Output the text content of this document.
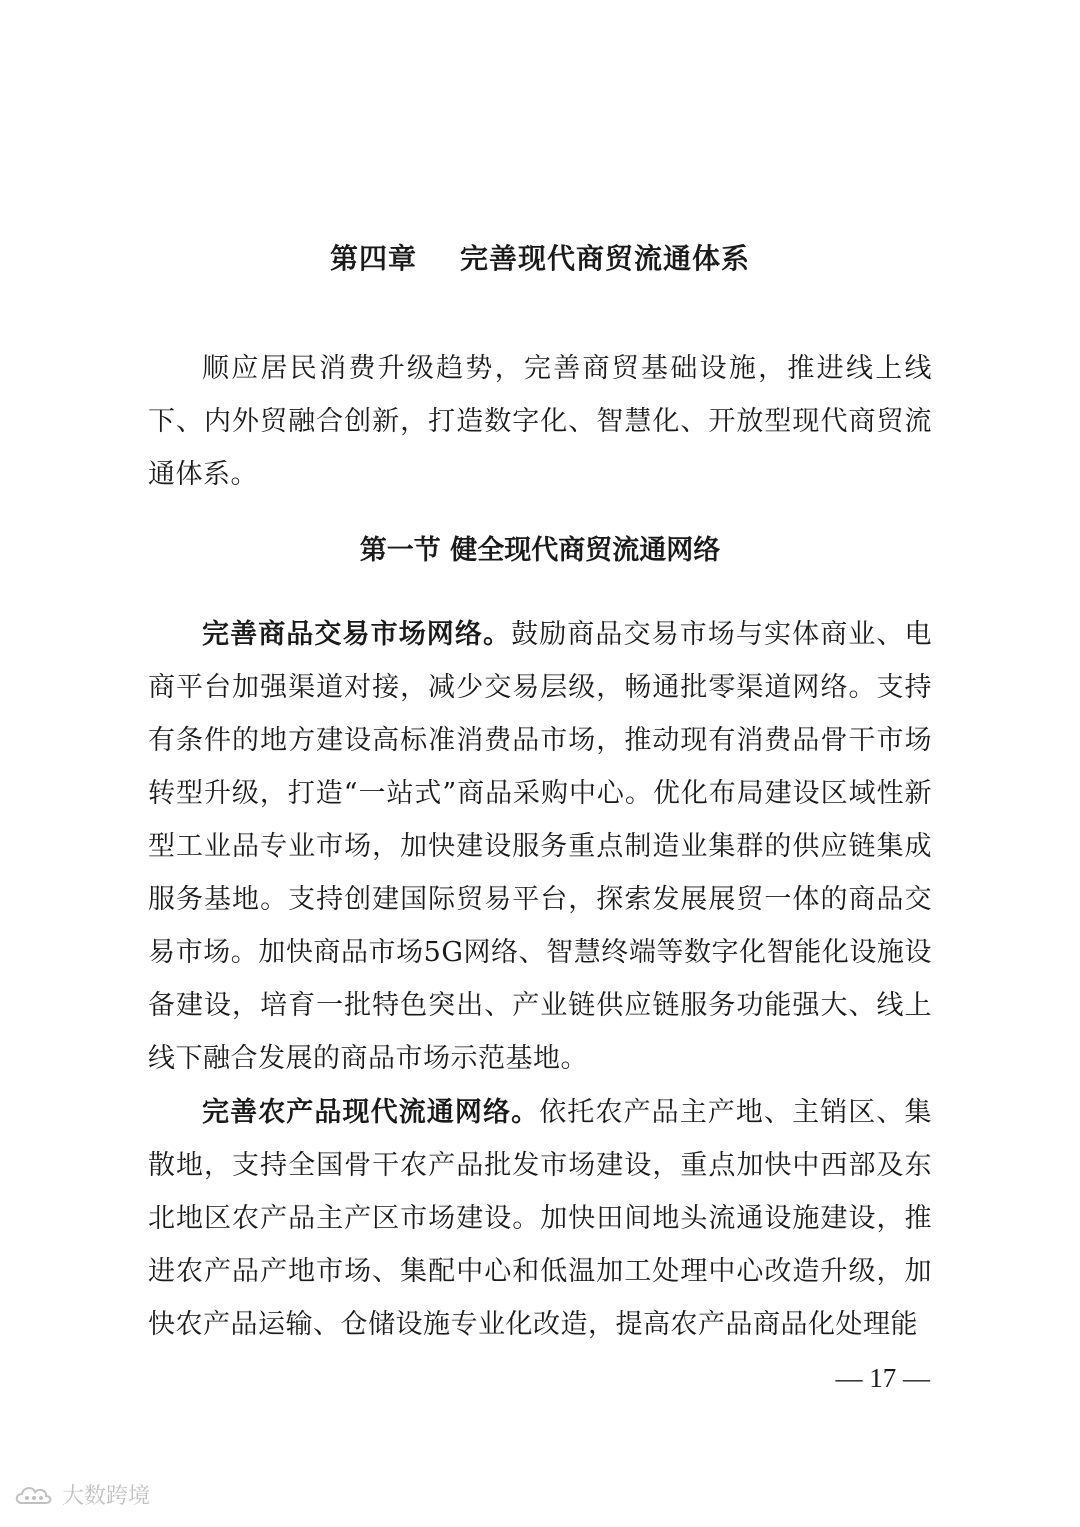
第四章    完善现代商贸流通体系

顺应居民消费升级趋势，完善商贸基础设施，推进线上线下、内外贸融合创新，打造数字化、智慧化、开放型现代商贸流通体系。

第一节 健全现代商贸流通网络

完善商品交易市场网络。鼓励商品交易市场与实体商业、电商平台加强渠道对接，减少交易层级，畅通批零渠道网络。支持有条件的地方建设高标准消费品市场，推动现有消费品骨干市场转型升级，打造“一站式”商品采购中心。优化布局建设区域性新型工业品专业市场，加快建设服务重点制造业集群的供应链集成服务基地。支持创建国际贸易平台，探索发展展贸一体的商品交易市场。加快商品市场5G网络、智慧终端等数字化智能化设施设备建设，培育一批特色突出、产业链供应链服务功能强大、线上线下融合发展的商品市场示范基地。

完善农产品现代流通网络。依托农产品主产地、主销区、集散地，支持全国骨干农产品批发市场建设，重点加快中西部及东北地区农产品主产区市场建设。加快田间地头流通设施建设，推进农产品产地市场、集配中心和低温加工处理中心改造升级，加快农产品运输、仓储设施专业化改造，提高农产品商品化处理能

— 17 —
大数跨境
